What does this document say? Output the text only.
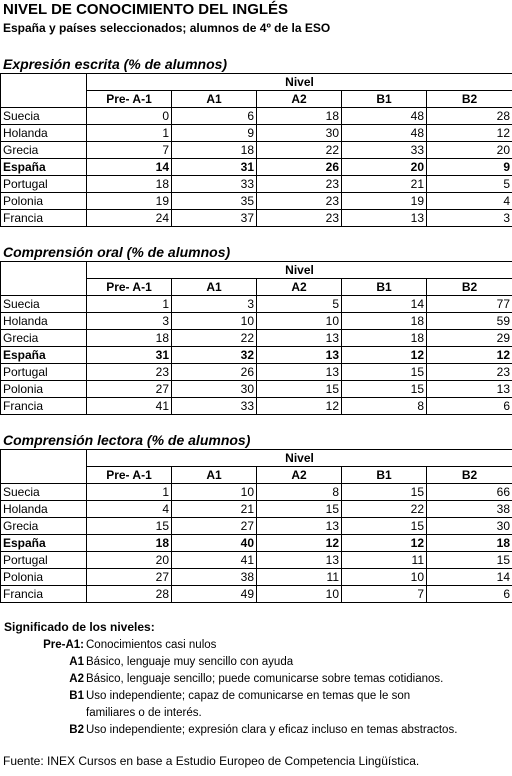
NIVEL DE CONOCIMIENTO DEL INGLÉS
España y países seleccionados; alumnos de 4º de la ESO
Expresión escrita (% de alumnos)
	Nivel				
	Pre- A-1	A1	A2	B1	B2
Suecia	0	6	18	48	28
Holanda	1	9	30	48	12
Grecia	7	18	22	33	20
España	14	31	26	20	9
Portugal	18	33	23	21	5
Polonia	19	35	23	19	4
Francia	24	37	23	13	3
Comprensión oral (% de alumnos)
	Nivel				
	Pre- A-1	A1	A2	B1	B2
Suecia	1	3	5	14	77
Holanda	3	10	10	18	59
Grecia	18	22	13	18	29
España	31	32	13	12	12
Portugal	23	26	13	15	23
Polonia	27	30	15	15	13
Francia	41	33	12	8	6
Comprensión lectora (% de alumnos)
	Nivel				
	Pre- A-1	A1	A2	B1	B2
Suecia	1	10	8	15	66
Holanda	4	21	15	22	38
Grecia	15	27	13	15	30
España	18	40	12	12	18
Portugal	20	41	13	11	15
Polonia	27	38	11	10	14
Francia	28	49	10	7	6
Significado de los niveles:
Pre-A1: Conocimientos casi nulos
A1 Básico, lenguaje muy sencillo con ayuda
A2 Básico, lenguaje sencillo; puede comunicarse sobre temas cotidianos.
B1 Uso independiente; capaz de comunicarse en temas que le son
familiares o de interés.
B2 Uso independiente; expresión clara y eficaz incluso en temas abstractos.
Fuente: INEX Cursos en base a Estudio Europeo de Competencia Lingüística.
